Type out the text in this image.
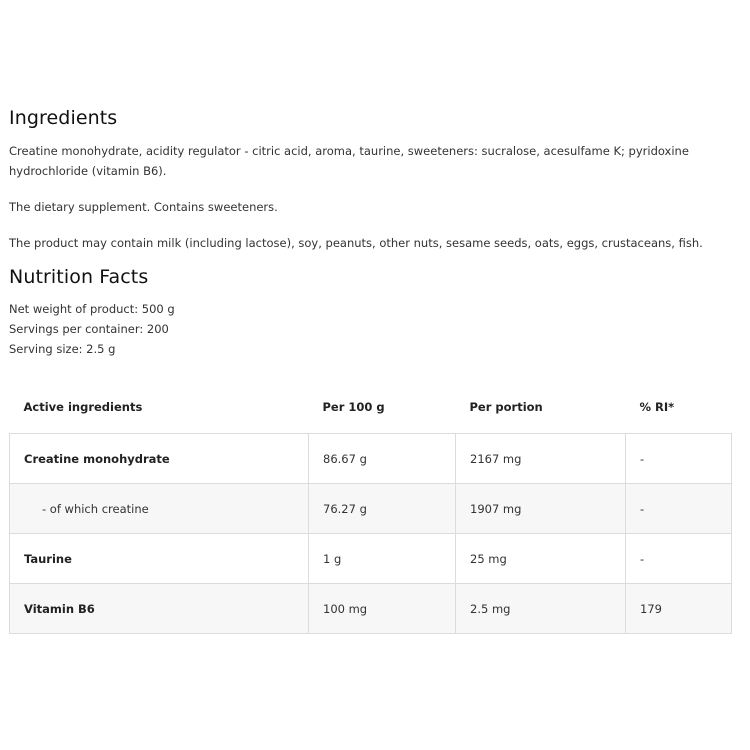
Ingredients

Creatine monohydrate, acidity regulator - citric acid, aroma, taurine, sweeteners: sucralose, acesulfame K; pyridoxine hydrochloride (vitamin B6).

The dietary supplement. Contains sweeteners.

The product may contain milk (including lactose), soy, peanuts, other nuts, sesame seeds, oats, eggs, crustaceans, fish.

Nutrition Facts

Net weight of product: 500 g

Servings per container: 200

Serving size: 2.5 g

Active ingredients	Per 100 g	Per portion	% RI*
Creatine monohydrate	86.67 g	2167 mg	-
- of which creatine	76.27 g	1907 mg	-
Taurine	1 g	25 mg	-
Vitamin B6	100 mg	2.5 mg	179
